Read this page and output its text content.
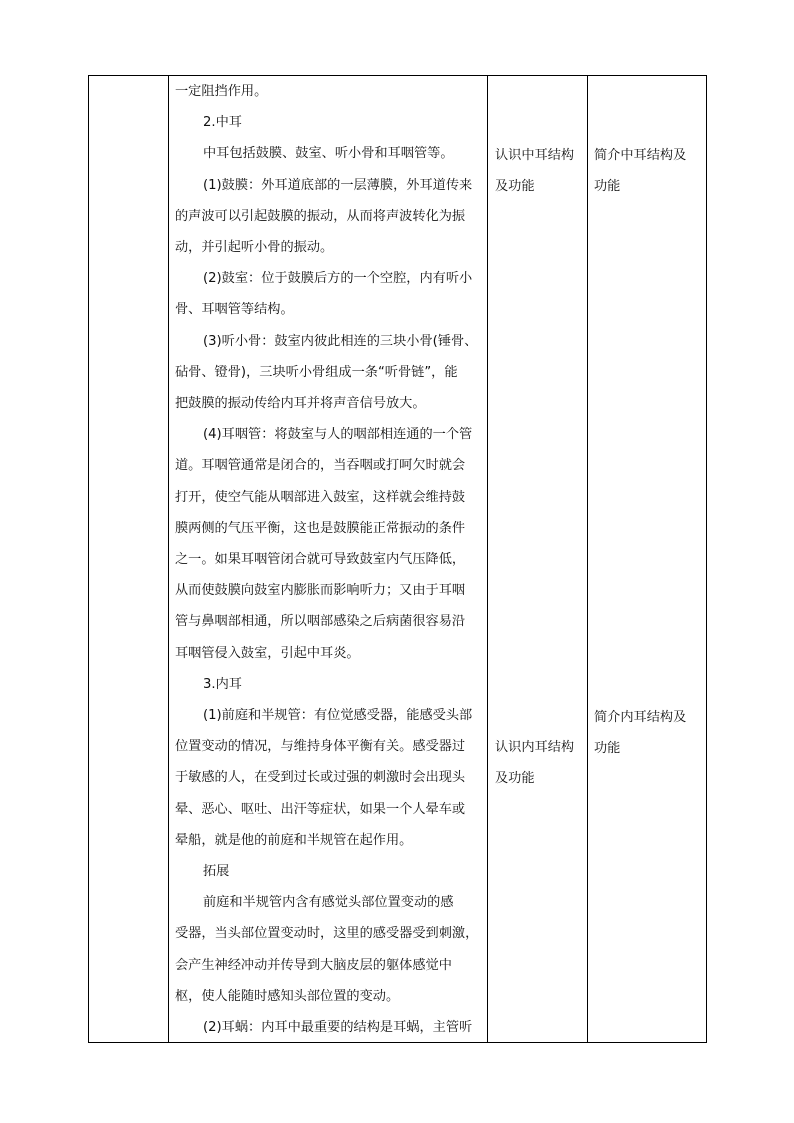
一定阻挡作用。

2.中耳

中耳包括鼓膜、鼓室、听小骨和耳咽管等。

(1)鼓膜：外耳道底部的一层薄膜，外耳道传来

的声波可以引起鼓膜的振动，从而将声波转化为振

动，并引起听小骨的振动。

(2)鼓室：位于鼓膜后方的一个空腔，内有听小

骨、耳咽管等结构。

(3)听小骨：鼓室内彼此相连的三块小骨(锤骨、

砧骨、镫骨)，三块听小骨组成一条“听骨链”，能

把鼓膜的振动传给内耳并将声音信号放大。

(4)耳咽管：将鼓室与人的咽部相连通的一个管

道。耳咽管通常是闭合的，当吞咽或打呵欠时就会

打开，使空气能从咽部进入鼓室，这样就会维持鼓

膜两侧的气压平衡，这也是鼓膜能正常振动的条件

之一。如果耳咽管闭合就可导致鼓室内气压降低，

从而使鼓膜向鼓室内膨胀而影响听力；又由于耳咽

管与鼻咽部相通，所以咽部感染之后病菌很容易沿

耳咽管侵入鼓室，引起中耳炎。

3.内耳

(1)前庭和半规管：有位觉感受器，能感受头部

位置变动的情况，与维持身体平衡有关。感受器过

于敏感的人，在受到过长或过强的刺激时会出现头

晕、恶心、呕吐、出汗等症状，如果一个人晕车或

晕船，就是他的前庭和半规管在起作用。

拓展

前庭和半规管内含有感觉头部位置变动的感

受器，当头部位置变动时，这里的感受器受到刺激，

会产生神经冲动并传导到大脑皮层的躯体感觉中

枢，使人能随时感知头部位置的变动。

(2)耳蜗：内耳中最重要的结构是耳蜗，主管听

认识中耳结构
及功能
认识内耳结构
及功能
简介中耳结构及
功能
简介内耳结构及
功能
